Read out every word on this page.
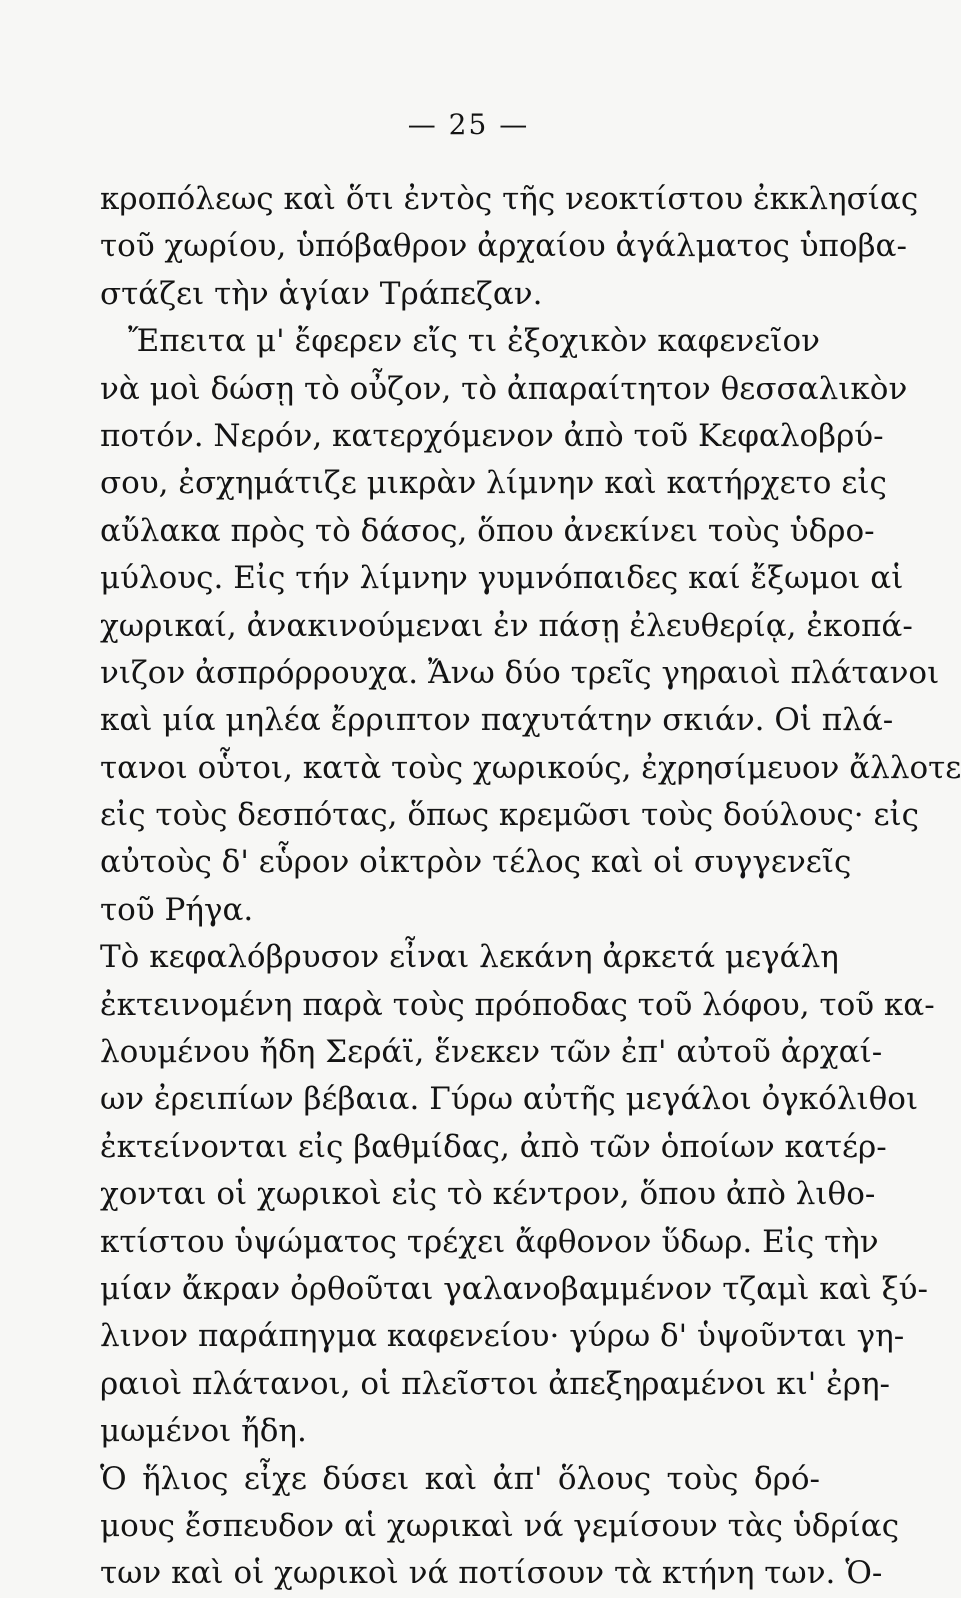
— 25 —
κροπόλεως καὶ ὅτι ἐντὸς τῆς νεοκτίστου ἐκκλησίας
τοῦ χωρίου, ὑπόβαθρον ἀρχαίου ἀγάλματος ὑποβα-
στάζει τὴν ἁγίαν Τράπεζαν.
Ἔπειτα μ' ἔφερεν εἴς τι ἐξοχικὸν καφενεῖον
νὰ μοὶ δώσῃ τὸ οὖζον, τὸ ἀπαραίτητον θεσσαλικὸν
ποτόν. Νερόν, κατερχόμενον ἀπὸ τοῦ Κεφαλοβρύ-
σου, ἐσχημάτιζε μικρὰν λίμνην καὶ κατήρχετο εἰς
αὔλακα πρὸς τὸ δάσος, ὅπου ἀνεκίνει τοὺς ὑδρο-
μύλους. Εἰς τήν λίμνην γυμνόπαιδες καί ἔξωμοι αἱ
χωρικαί, ἀνακινούμεναι ἐν πάσῃ ἐλευθερίᾳ, ἐκοπά-
νιζον ἀσπρόρρουχα. Ἄνω δύο τρεῖς γηραιοὶ πλάτανοι
καὶ μία μηλέα ἔρριπτον παχυτάτην σκιάν. Οἱ πλά-
τανοι οὗτοι, κατὰ τοὺς χωρικούς, ἐχρησίμευον ἄλλοτε
εἰς τοὺς δεσπότας, ὅπως κρεμῶσι τοὺς δούλους· εἰς
αὐτοὺς δ' εὗρον οἰκτρὸν τέλος καὶ οἱ συγγενεῖς
τοῦ Ρήγα.
Τὸ κεφαλόβρυσον εἶναι λεκάνη ἀρκετά μεγάλη
ἐκτεινομένη παρὰ τοὺς πρόποδας τοῦ λόφου, τοῦ κα-
λουμένου ἤδη Σεράϊ, ἕνεκεν τῶν ἐπ' αὐτοῦ ἀρχαί-
ων ἐρειπίων βέβαια. Γύρω αὐτῆς μεγάλοι ὀγκόλιθοι
ἐκτείνονται εἰς βαθμίδας, ἀπὸ τῶν ὁποίων κατέρ-
χονται οἱ χωρικοὶ εἰς τὸ κέντρον, ὅπου ἀπὸ λιθο-
κτίστου ὑψώματος τρέχει ἄφθονον ὕδωρ. Εἰς τὴν
μίαν ἄκραν ὀρθοῦται γαλανοβαμμένον τζαμὶ καὶ ξύ-
λινον παράπηγμα καφενείου· γύρω δ' ὑψοῦνται γη-
ραιοὶ πλάτανοι, οἱ πλεῖστοι ἀπεξηραμένοι κι' ἐρη-
μωμένοι ἤδη.
Ὁ ἥλιος εἶχε δύσει καὶ ἀπ' ὅλους τοὺς δρό-
μους ἔσπευδον αἱ χωρικαὶ νά γεμίσουν τὰς ὑδρίας
των καὶ οἱ χωρικοὶ νά ποτίσουν τὰ κτήνη των. Ὁ-
